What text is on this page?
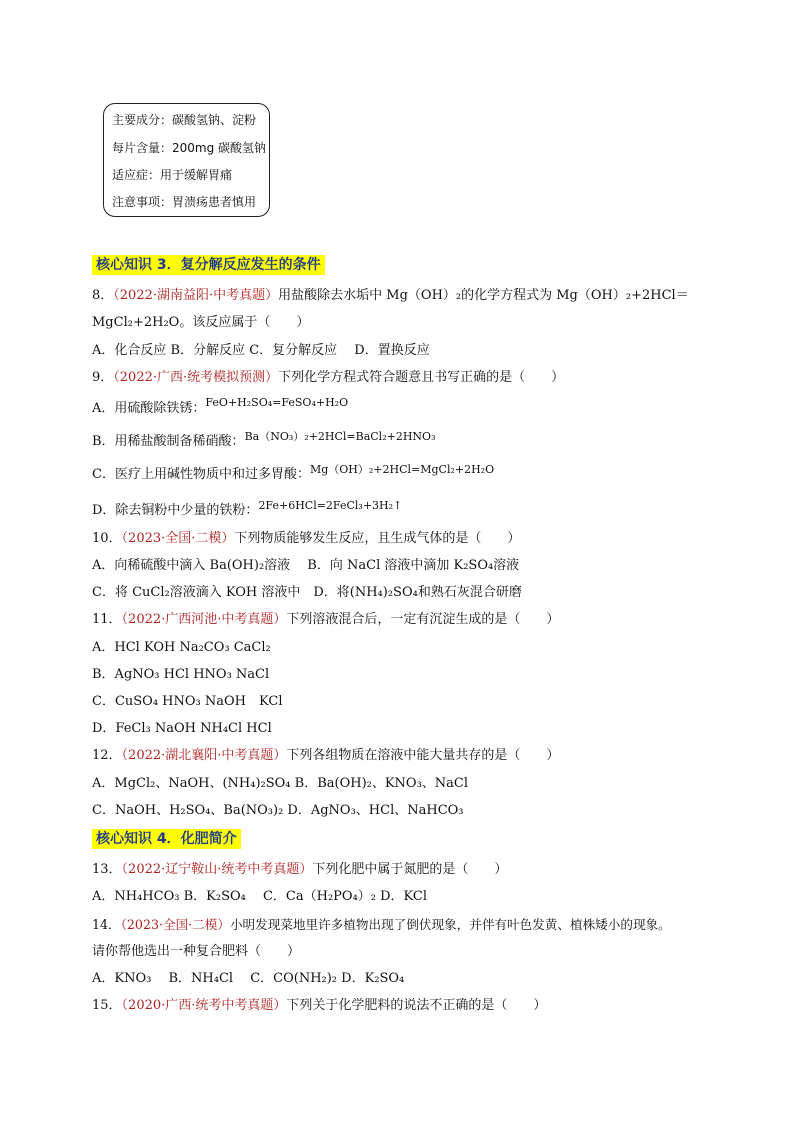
主要成分：碳酸氢钠、淀粉
每片含量：200mg 碳酸氢钠
适应症：用于缓解胃痛
注意事项：胃溃疡患者慎用
核心知识 3．复分解反应发生的条件
8．（2022·湖南益阳·中考真题）用盐酸除去水垢中 Mg（OH）₂的化学方程式为 Mg（OH）₂+2HCl＝
MgCl₂+2H₂O。该反应属于（　　）
A．化合反应 B．分解反应 C．复分解反应　 D．置换反应
9．（2022·广西·统考模拟预测）下列化学方程式符合题意且书写正确的是（　　）
A．用硫酸除铁锈：$^{FeO+H_2SO_4=FeSO_4+H_2O}$
B．用稀盐酸制备稀硝酸：$^{Ba(NO_3)_2+2HCl=BaCl_2+2HNO_3}$
C．医疗上用碱性物质中和过多胃酸：$^{Mg(OH)_2+2HCl=MgCl_2+2H_2O}$
D．除去铜粉中少量的铁粉：$^{2Fe+6HCl=2FeCl_3+3H_2↑}$
10．（2023·全国·二模）下列物质能够发生反应，且生成气体的是（　　）
A．向稀硫酸中滴入 Ba(OH)₂溶液　 B．向 NaCl 溶液中滴加 K₂SO₄溶液
C．将 CuCl₂溶液滴入 KOH 溶液中　D．将(NH₄)₂SO₄和熟石灰混合研磨
11．（2022·广西河池·中考真题）下列溶液混合后，一定有沉淀生成的是（　　）
A．HCl KOH Na₂CO₃ CaCl₂
B．AgNO₃ HCl HNO₃ NaCl
C．CuSO₄ HNO₃ NaOH　KCl
D．FeCl₃ NaOH NH₄Cl HCl
12．（2022·湖北襄阳·中考真题）下列各组物质在溶液中能大量共存的是（　　）
A．MgCl₂、NaOH、(NH₄)₂SO₄ B．Ba(OH)₂、KNO₃、NaCl
C．NaOH、H₂SO₄、Ba(NO₃)₂ D．AgNO₃、HCl、NaHCO₃
核心知识 4．化肥简介
13．（2022·辽宁鞍山·统考中考真题）下列化肥中属于氮肥的是（　　）
A．NH₄HCO₃ B．K₂SO₄　 C．Ca（H₂PO₄）₂ D．KCl
14．（2023·全国·二模）小明发现菜地里许多植物出现了倒伏现象，并伴有叶色发黄、植株矮小的现象。
请你帮他选出一种复合肥料（　　）
A．KNO₃　 B．NH₄Cl　 C．CO(NH₂)₂ D．K₂SO₄
15．（2020·广西·统考中考真题）下列关于化学肥料的说法不正确的是（　　）
